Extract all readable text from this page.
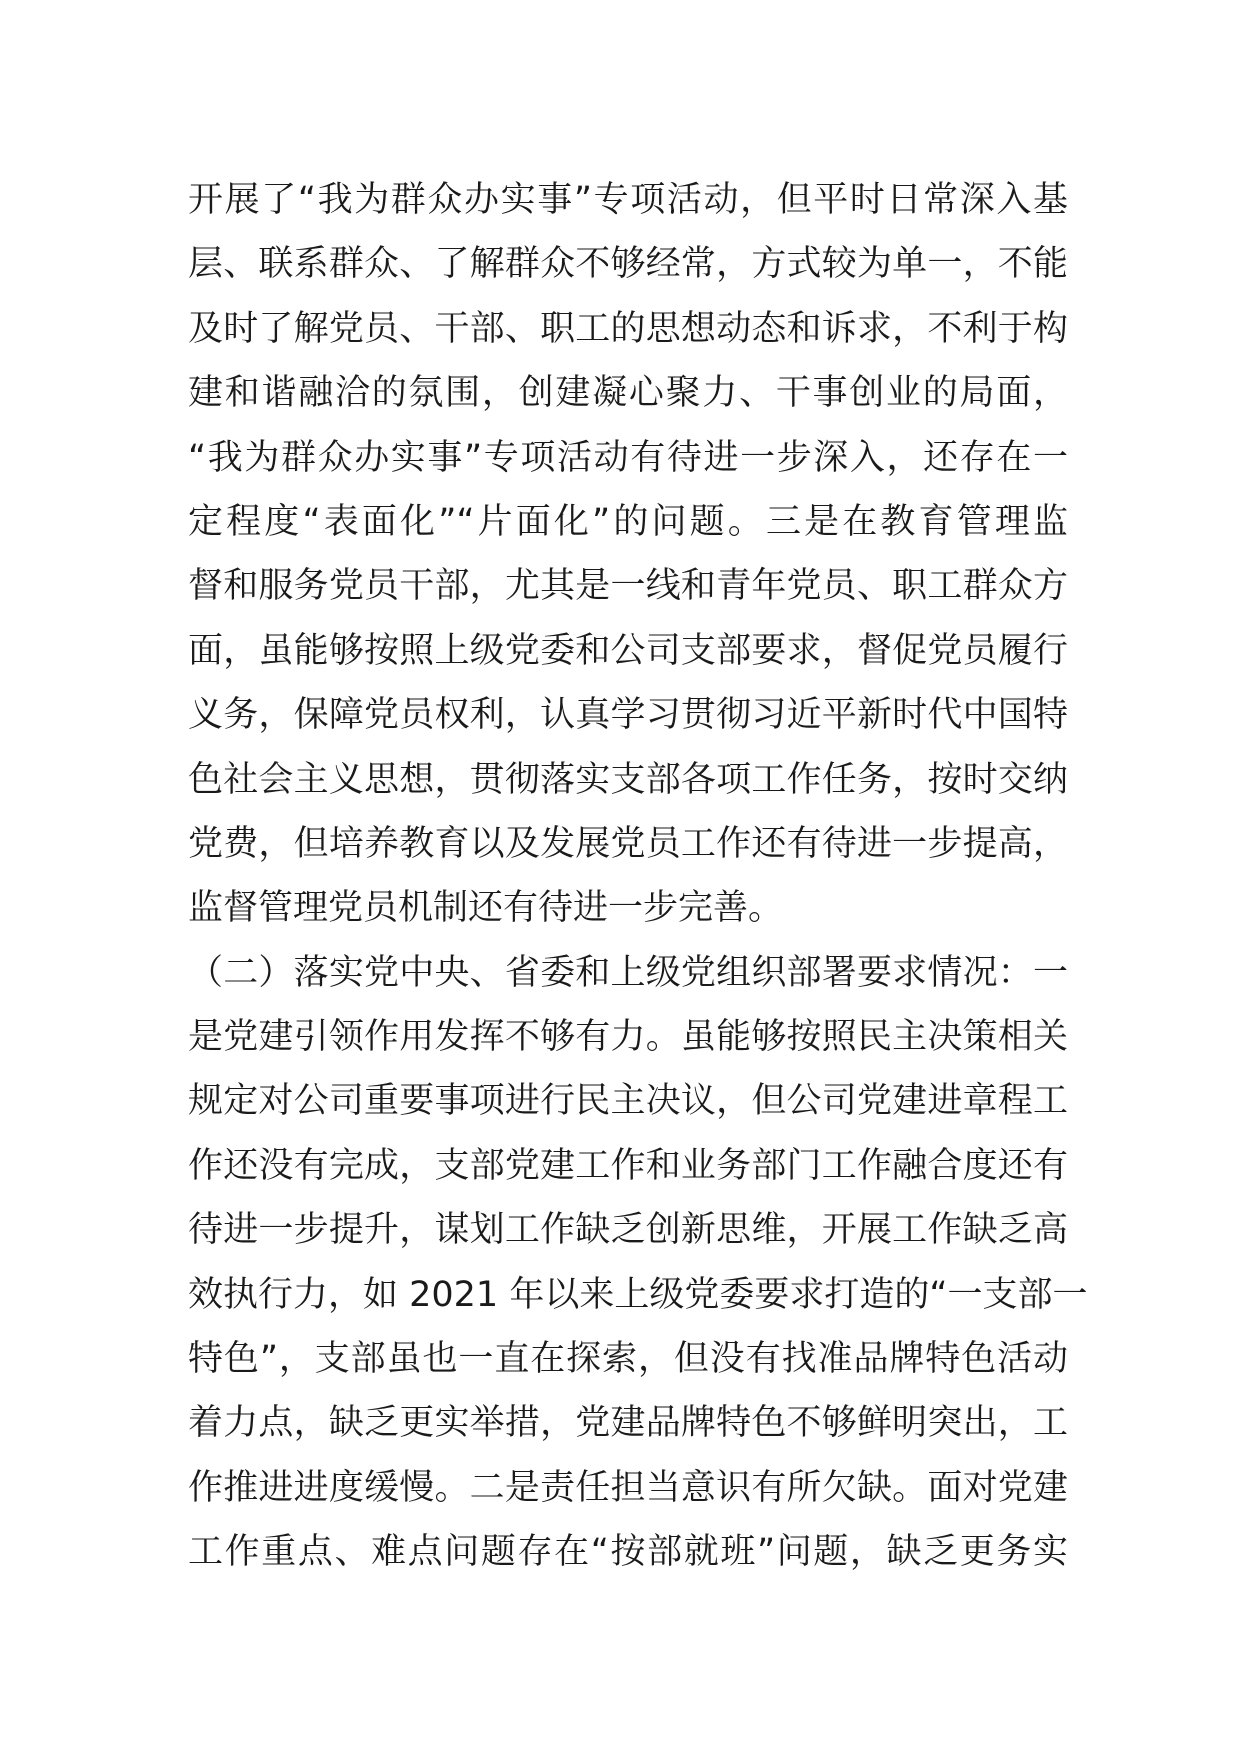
开展了“我为群众办实事”专项活动，但平时日常深入基
层、联系群众、了解群众不够经常，方式较为单一，不能
及时了解党员、干部、职工的思想动态和诉求，不利于构
建和谐融洽的氛围，创建凝心聚力、干事创业的局面，
“我为群众办实事”专项活动有待进一步深入，还存在一
定程度“表面化”“片面化”的问题。三是在教育管理监
督和服务党员干部，尤其是一线和青年党员、职工群众方
面，虽能够按照上级党委和公司支部要求，督促党员履行
义务，保障党员权利，认真学习贯彻习近平新时代中国特
色社会主义思想，贯彻落实支部各项工作任务，按时交纳
党费，但培养教育以及发展党员工作还有待进一步提高，
监督管理党员机制还有待进一步完善。
（二）落实党中央、省委和上级党组织部署要求情况：一
是党建引领作用发挥不够有力。虽能够按照民主决策相关
规定对公司重要事项进行民主决议，但公司党建进章程工
作还没有完成，支部党建工作和业务部门工作融合度还有
待进一步提升，谋划工作缺乏创新思维，开展工作缺乏高
效执行力，如 2021 年以来上级党委要求打造的“一支部一
特色”，支部虽也一直在探索，但没有找准品牌特色活动
着力点，缺乏更实举措，党建品牌特色不够鲜明突出，工
作推进进度缓慢。二是责任担当意识有所欠缺。面对党建
工作重点、难点问题存在“按部就班”问题，缺乏更务实
